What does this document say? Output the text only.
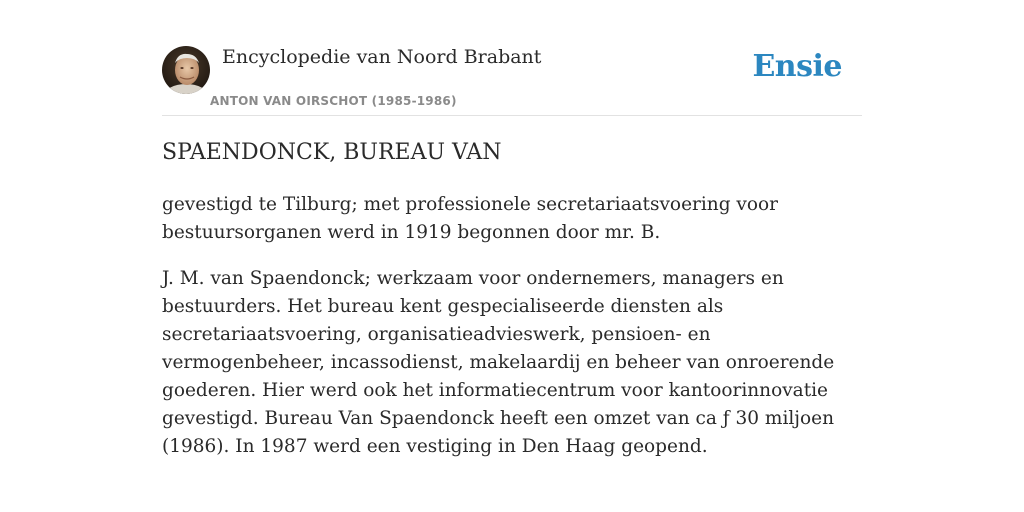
Encyclopedie van Noord Brabant
ANTON VAN OIRSCHOT (1985-1986)
Ensie
SPAENDONCK, BUREAU VAN

gevestigd te Tilburg; met professionele secretariaatsvoering voor bestuursorganen werd in 1919 begonnen door mr. B.

J. M. van Spaendonck; werkzaam voor ondernemers, managers en bestuurders. Het bureau kent gespecialiseerde diensten als secretariaatsvoering, organisatieadvieswerk, pensioen- en vermogenbeheer, incassodienst, makelaardij en beheer van onroerende goederen. Hier werd ook het informatiecentrum voor kantoorinnovatie gevestigd. Bureau Van Spaendonck heeft een omzet van ca ƒ 30 miljoen (1986). In 1987 werd een vestiging in Den Haag geopend.
